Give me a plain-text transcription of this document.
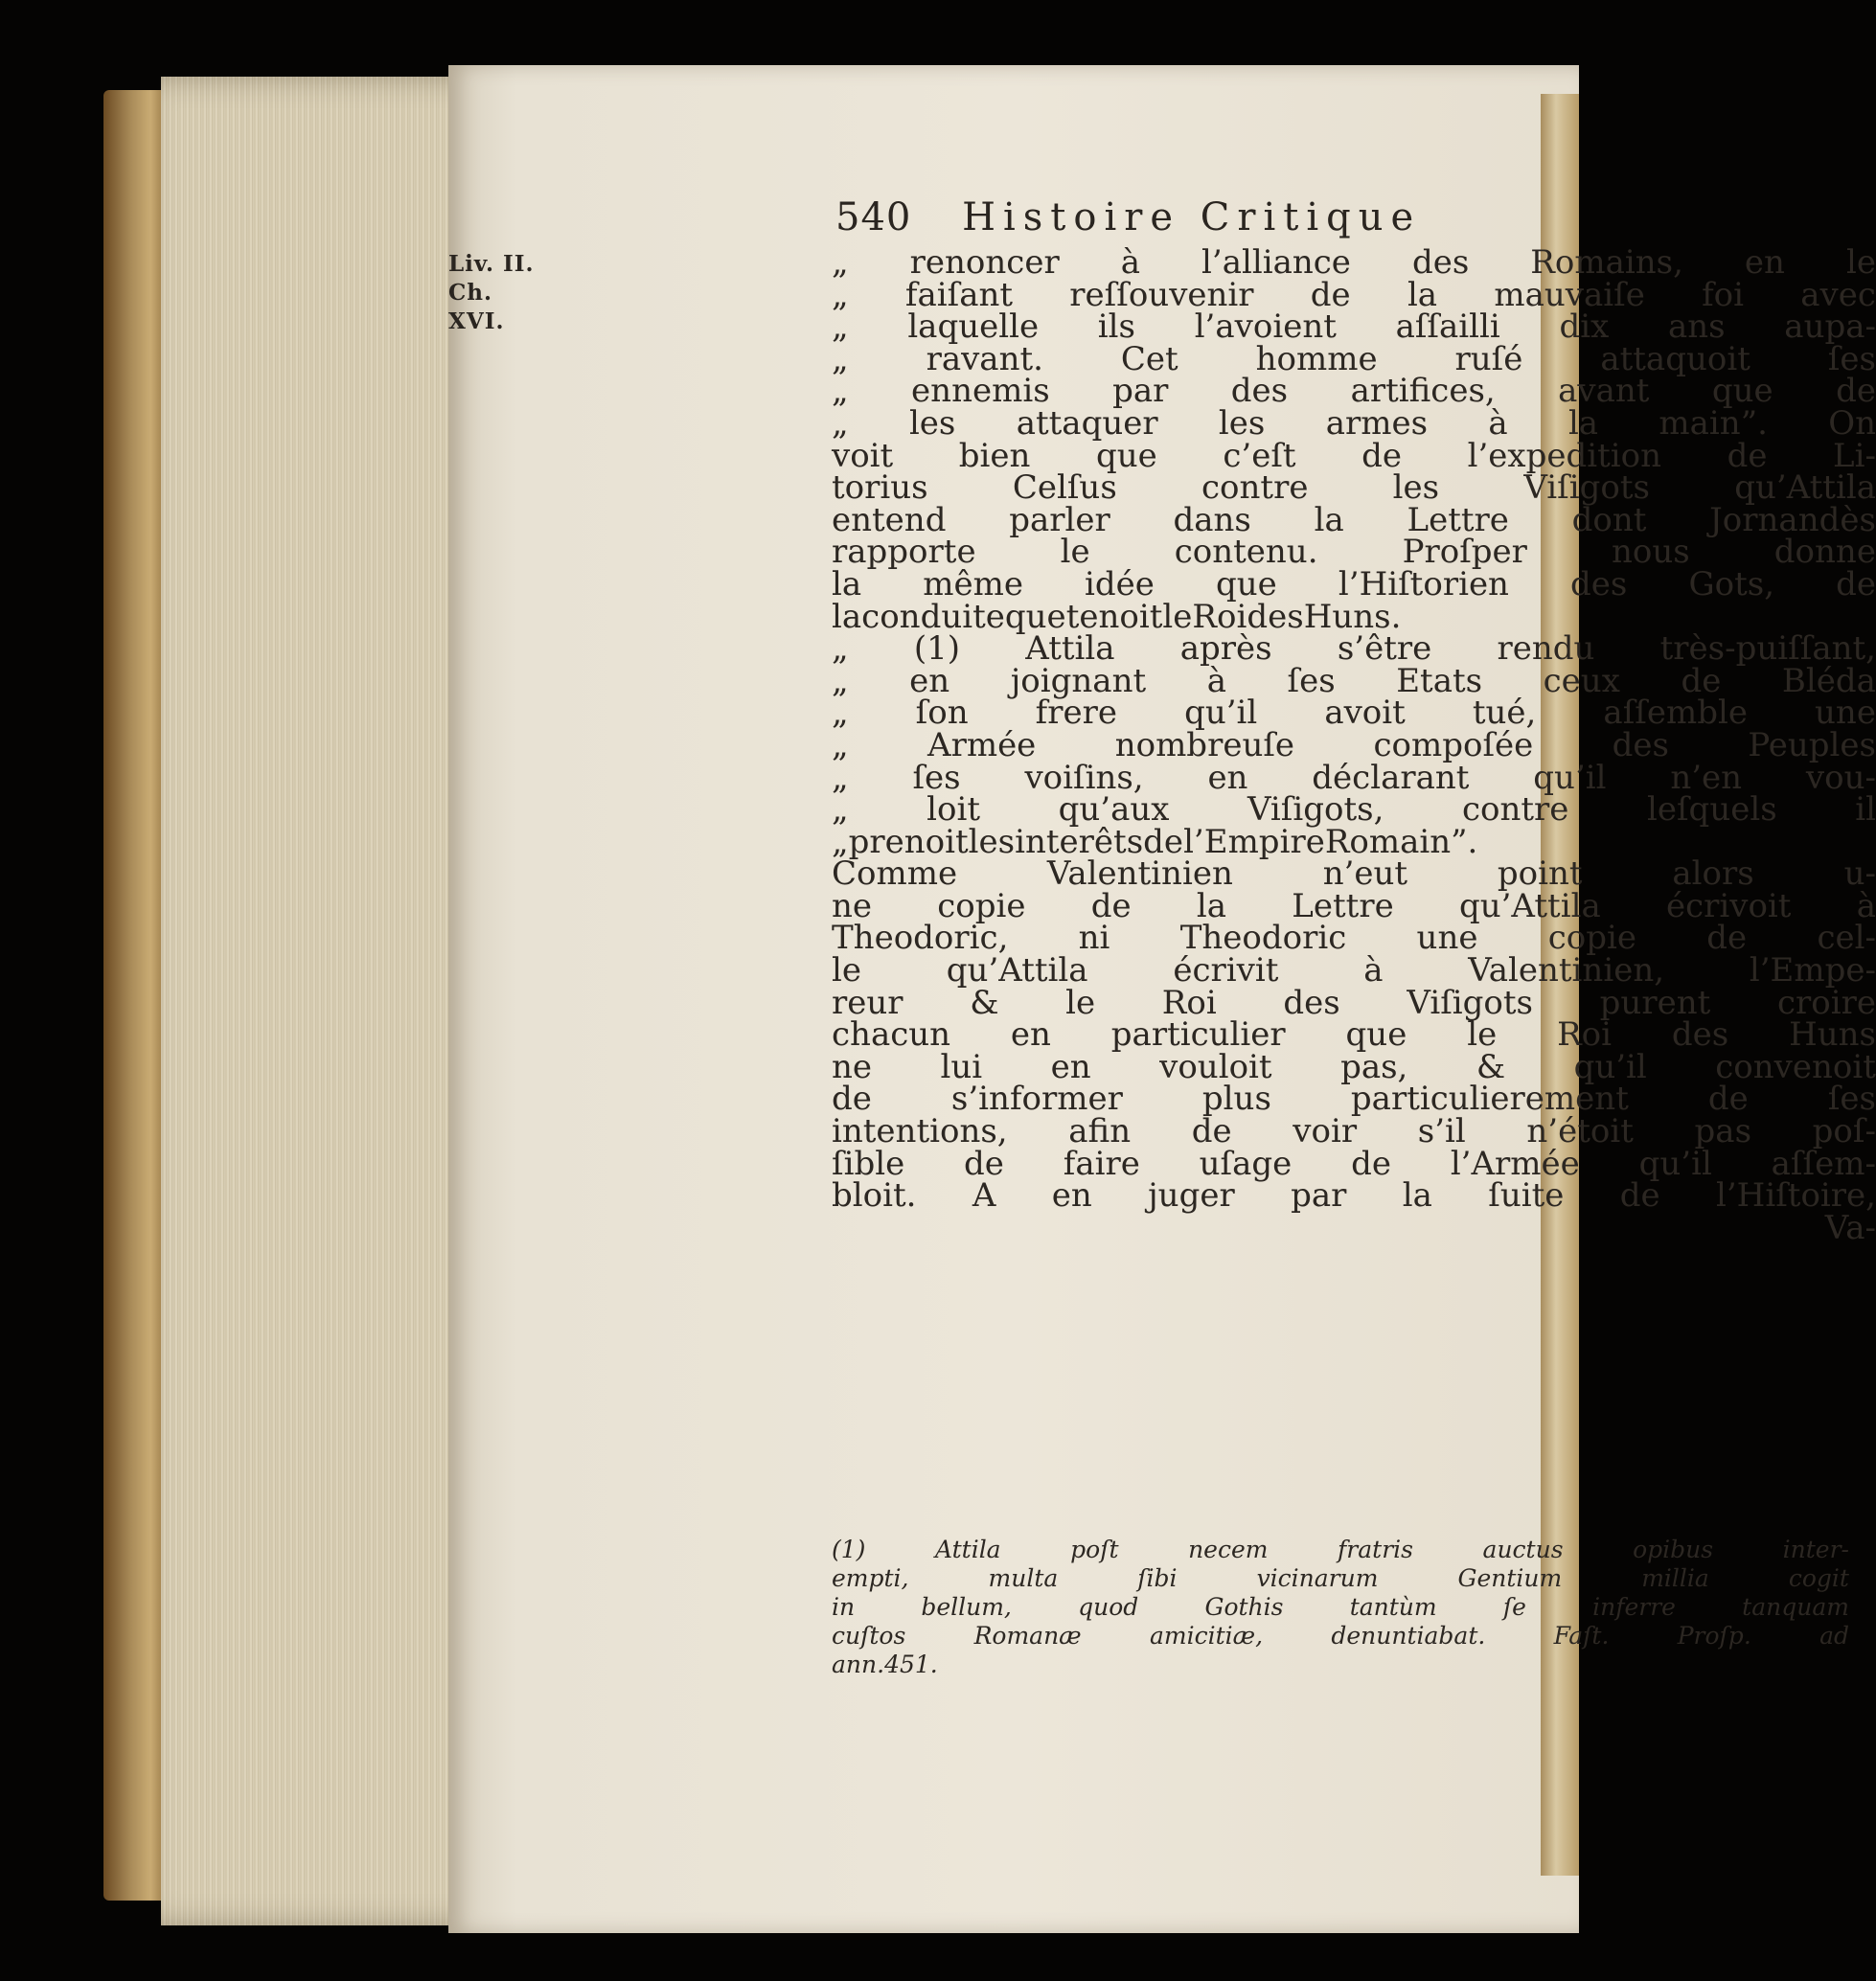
540 Histoire Critique
Liv. II.
Ch. XVI.
„ renoncer à l’alliance des Romains, en le
„ faiſant reſſouvenir de la mauvaiſe foi avec
„ laquelle ils l’avoient aſſailli dix ans aupa-
„ ravant. Cet homme ruſé attaquoit ſes
„ ennemis par des artifices, avant que de
„ les attaquer les armes à la main”. On
voit bien que c’eſt de l’expedition de Li-
torius	Celſus	contre	les	Viſigots	qu’Attila
entend parler dans la Lettre dont Jornandès
rapporte	le	contenu.	Proſper	nous	donne
la même idée que l’Hiſtorien des Gots, de
la conduite que tenoit le Roi des Huns.
„ (1) Attila après s’être rendu très-puiſſant,
„ en joignant à ſes Etats ceux de Bléda
„ ſon frere qu’il avoit tué, aſſemble une
„ Armée nombreuſe compoſée des Peuples
„ ſes voiſins, en déclarant qu’il n’en vou-
„ loit qu’aux Viſigots, contre leſquels il
„ prenoit les interêts de l’Empire Romain”.
Comme	Valentinien	n’eut	point	alors	u-
ne copie de la Lettre qu’Attila écrivoit à
Theodoric, ni Theodoric une copie de cel-
le	qu’Attila	écrivit	à	Valentinien,	l’Empe-
reur & le Roi des Viſigots purent croire
chacun en particulier que le Roi des Huns
ne lui en vouloit pas, & qu’il convenoit
de s’informer plus particulierement de ſes
intentions, afin de voir s’il n’étoit pas poſ-
ſible de faire uſage de l’Armée qu’il aſſem-
bloit. A en juger par la ſuite de l’Hiſtoire,
Va-
(1)	Attila	poſt	necem	fratris	auctus	opibus	inter-
empti,	multa	ſibi	vicinarum	Gentium	millia	cogit
in	bellum,	quod	Gothis	tantùm	ſe	inferre	tanquam
cuſtos	Romanæ	amicitiæ,	denuntiabat.	Faſt.	Proſp.	ad
ann. 451.
